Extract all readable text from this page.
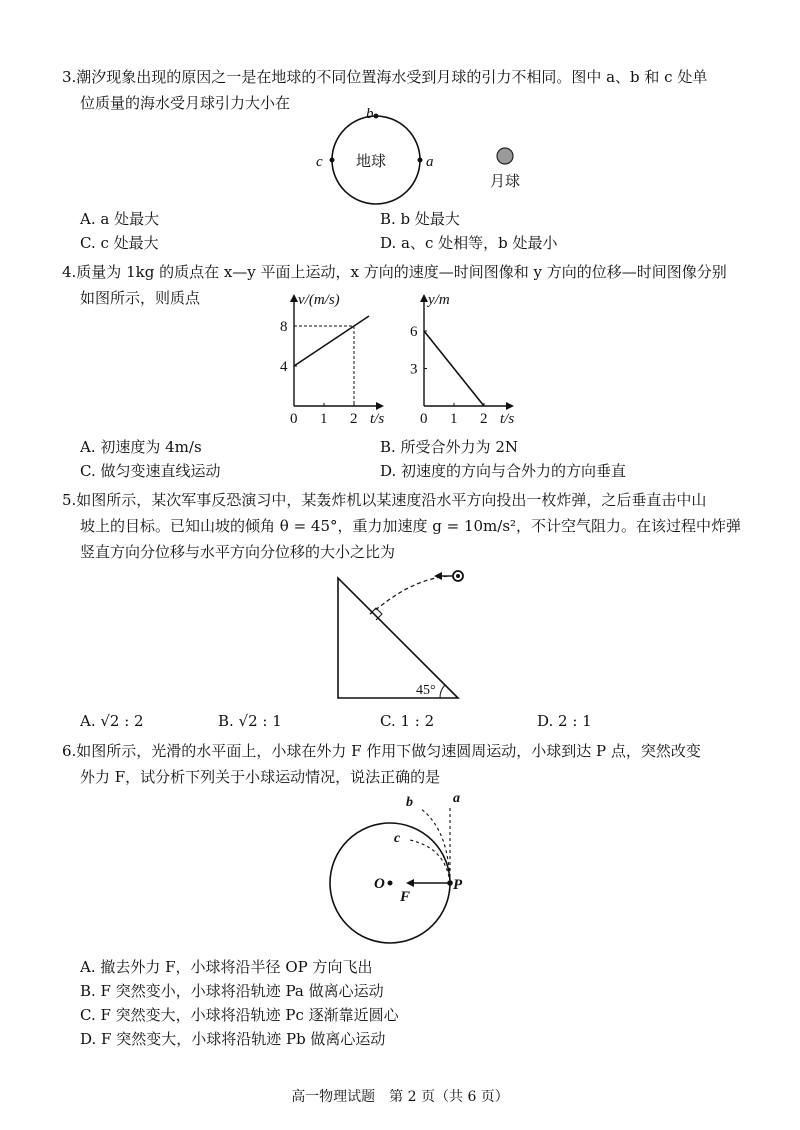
3.潮汐现象出现的原因之一是在地球的不同位置海水受到月球的引力不相同。图中 a、b 和 c 处单
位质量的海水受月球引力大小在
地球
b
a
c
月球
A. a 处最大	B. b 处最大
C. c 处最大	D. a、c 处相等，b 处最小
4.质量为 1kg 的质点在 x—y 平面上运动，x 方向的速度—时间图像和 y 方向的位移—时间图像分别
如图所示，则质点
0 1 2
4
8
t/s
v/(m/s)
0 1 2
3
6
t/s
y/m
A. 初速度为 4m/s	B. 所受合外力为 2N
C. 做匀变速直线运动	D. 初速度的方向与合外力的方向垂直
5.如图所示，某次军事反恐演习中，某轰炸机以某速度沿水平方向投出一枚炸弹，之后垂直击中山
坡上的目标。已知山坡的倾角 θ = 45°，重力加速度 g = 10m/s²，不计空气阻力。在该过程中炸弹
竖直方向分位移与水平方向分位移的大小之比为
45°
A. √2 : 2	B. √2 : 1	C. 1 : 2	D. 2 : 1
6.如图所示，光滑的水平面上，小球在外力 F 作用下做匀速圆周运动，小球到达 P 点，突然改变
外力 F，试分析下列关于小球运动情况，说法正确的是
a
b
c
O	P
F
A. 撤去外力 F，小球将沿半径 OP 方向飞出
B. F 突然变小，小球将沿轨迹 Pa 做离心运动
C. F 突然变大，小球将沿轨迹 Pc 逐渐靠近圆心
D. F 突然变大，小球将沿轨迹 Pb 做离心运动
高一物理试题　第 2 页（共 6 页）
